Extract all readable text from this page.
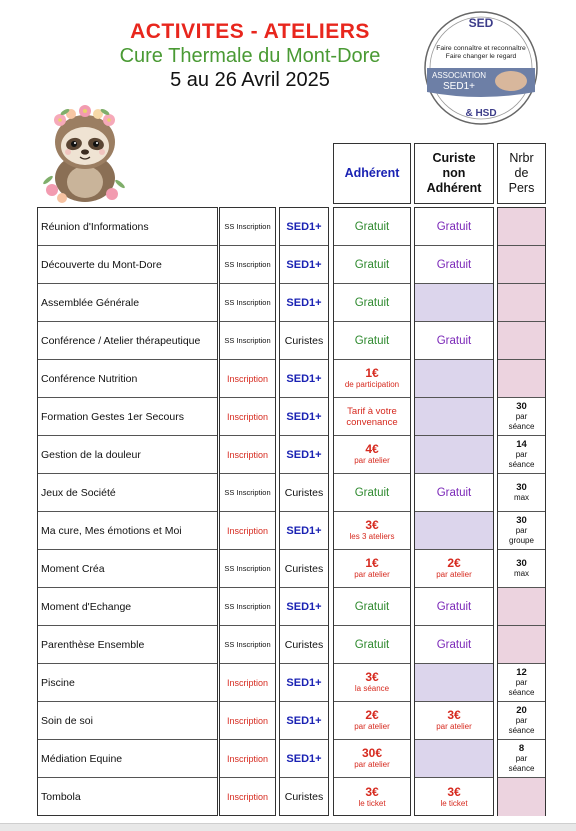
ACTIVITES - ATELIERS
Cure Thermale du Mont-Dore
5 au 26 Avril 2025
SED
Faire connaître et reconnaître
Faire changer le regard
ASSOCIATION
SED1+
& HSD
Adhérent
Curiste
non
Adhérent
Nrbr
de
Pers
Réunion d'Informations
Découverte du Mont-Dore
Assemblée Générale
Conférence / Atelier thérapeutique
Conférence Nutrition
Formation Gestes 1er Secours
Gestion de la douleur
Jeux de Société
Ma cure, Mes émotions et Moi
Moment Créa
Moment d'Echange
Parenthèse Ensemble
Piscine
Soin de soi
Médiation Equine
Tombola
SS Inscription
SS Inscription
SS Inscription
SS Inscription
Inscription
Inscription
Inscription
SS Inscription
Inscription
SS Inscription
SS Inscription
SS Inscription
Inscription
Inscription
Inscription
Inscription
SED1+
SED1+
SED1+
Curistes
SED1+
SED1+
SED1+
Curistes
SED1+
Curistes
SED1+
Curistes
SED1+
SED1+
SED1+
Curistes
Gratuit
Gratuit
Gratuit
Gratuit
1€
de participation
Tarif à votre
convenance
4€
par atelier
Gratuit
3€
les 3 ateliers
1€
par atelier
Gratuit
Gratuit
3€
la séance
2€
par atelier
30€
par atelier
3€
le ticket
Gratuit
Gratuit
Gratuit
Gratuit
2€
par atelier
Gratuit
Gratuit
3€
par atelier
3€
le ticket
30
par
séance
14
par
séance
30
max
30
par
groupe
30
max
12
par
séance
20
par
séance
8
par
séance
